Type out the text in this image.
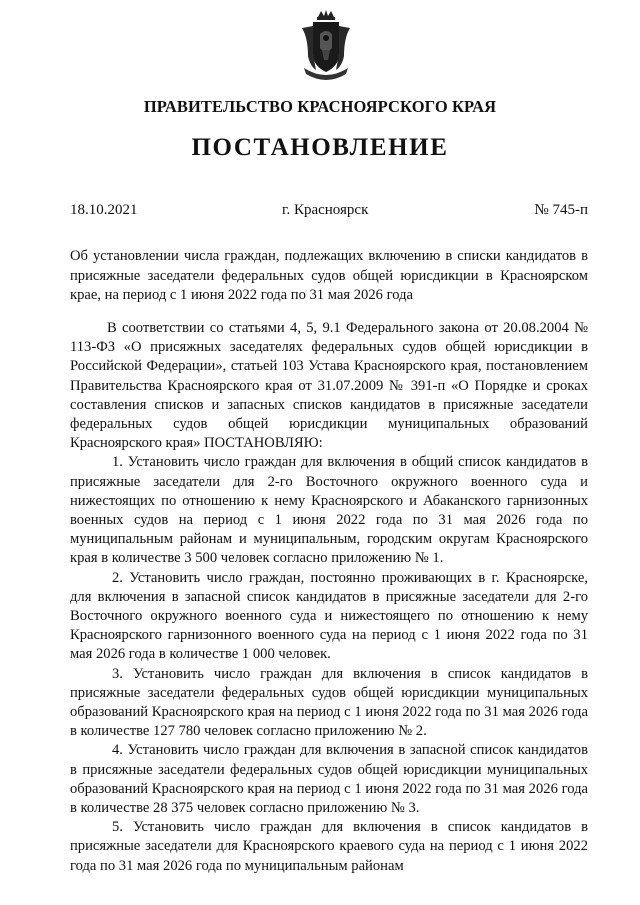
ПРАВИТЕЛЬСТВО КРАСНОЯРСКОГО КРАЯ
ПОСТАНОВЛЕНИЕ
18.10.2021	г. Красноярск	№ 745-п
Об установлении числа граждан, подлежащих включению в списки кандидатов в присяжные заседатели федеральных судов общей юрисдикции в Красноярском крае, на период с 1 июня 2022 года по 31 мая 2026 года

В соответствии со статьями 4, 5, 9.1 Федерального закона от 20.08.2004 № 113-ФЗ «О присяжных заседателях федеральных судов общей юрисдикции в Российской Федерации», статьей 103 Устава Красноярского края, постановлением Правительства Красноярского края от 31.07.2009 № 391-п «О Порядке и сроках составления списков и запасных списков кандидатов в присяжные заседатели федеральных судов общей юрисдикции муниципальных образований Красноярского края» ПОСТАНОВЛЯЮ:

1. Установить число граждан для включения в общий список кандидатов в присяжные заседатели для 2-го Восточного окружного военного суда и нижестоящих по отношению к нему Красноярского и Абаканского гарнизонных военных судов на период с 1 июня 2022 года по 31 мая 2026 года по муниципальным районам и муниципальным, городским округам Красноярского края в количестве 3 500 человек согласно приложению № 1.

2. Установить число граждан, постоянно проживающих в г. Красноярске, для включения в запасной список кандидатов в присяжные заседатели для 2-го Восточного окружного военного суда и нижестоящего по отношению к нему Красноярского гарнизонного военного суда на период с 1 июня 2022 года по 31 мая 2026 года в количестве 1 000 человек.

3. Установить число граждан для включения в список кандидатов в присяжные заседатели федеральных судов общей юрисдикции муниципальных образований Красноярского края на период с 1 июня 2022 года по 31 мая 2026 года в количестве 127 780 человек согласно приложению № 2.

4. Установить число граждан для включения в запасной список кандидатов в присяжные заседатели федеральных судов общей юрисдикции муниципальных образований Красноярского края на период с 1 июня 2022 года по 31 мая 2026 года в количестве 28 375 человек согласно приложению № 3.

5. Установить число граждан для включения в список кандидатов в присяжные заседатели для Красноярского краевого суда на период с 1 июня 2022 года по 31 мая 2026 года по муниципальным районам
